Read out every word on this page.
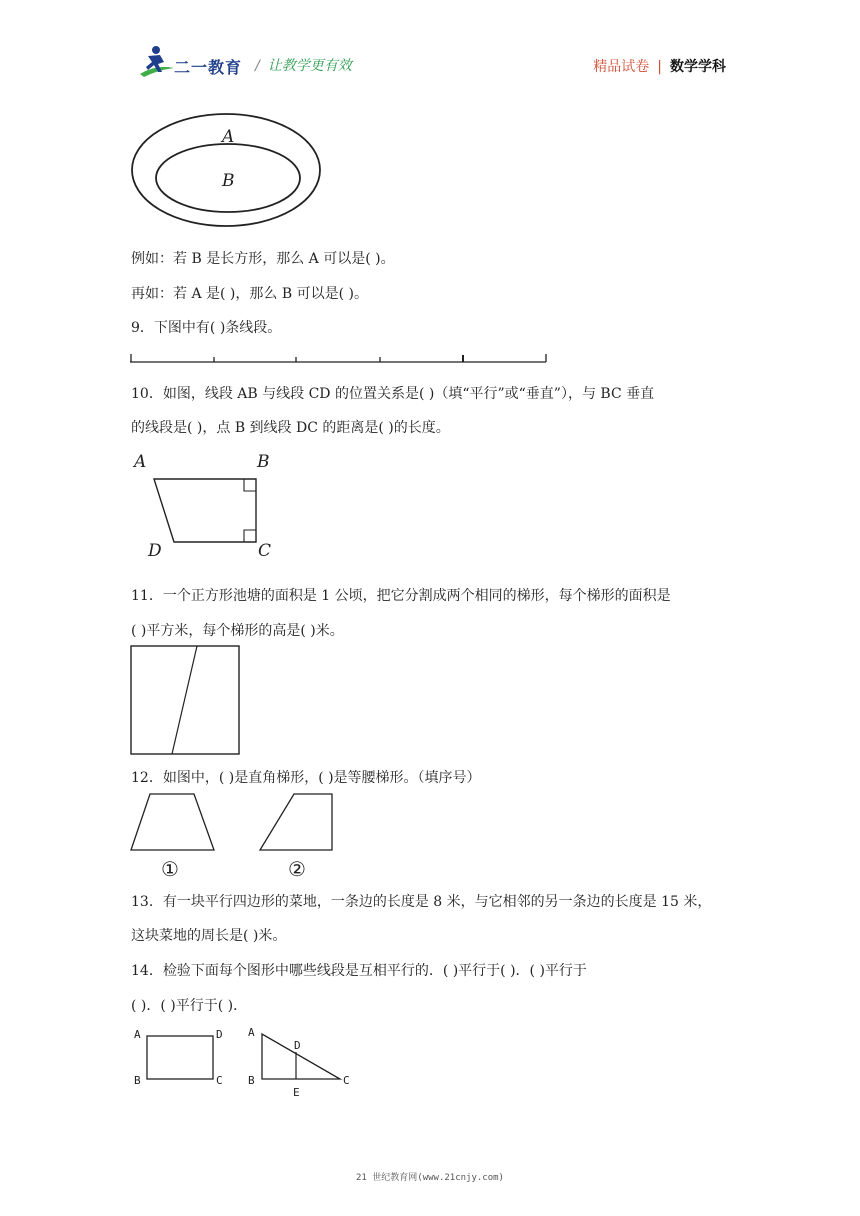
二一教育 / 让教学更有效	精品试卷 | 数学学科
A
B
例如：若 B 是长方形，那么 A 可以是( )。
再如：若 A 是( )，那么 B 可以是( )。
9．下图中有( )条线段。
10．如图，线段 AB 与线段 CD 的位置关系是( )（填“平行”或“垂直”），与 BC 垂直
的线段是( )，点 B 到线段 DC 的距离是( )的长度。
A	B
D	C
11．一个正方形池塘的面积是 1 公顷，把它分割成两个相同的梯形，每个梯形的面积是
( )平方米，每个梯形的高是( )米。
12．如图中，( )是直角梯形，( )是等腰梯形。（填序号）
①	②
13．有一块平行四边形的菜地，一条边的长度是 8 米，与它相邻的另一条边的长度是 15 米，
这块菜地的周长是( )米。
14．检验下面每个图形中哪些线段是互相平行的．( )平行于( )．( )平行于
( )．( )平行于( )．
A	D
B	C
A
D
B	C
E
21 世纪教育网(www.21cnjy.com)
